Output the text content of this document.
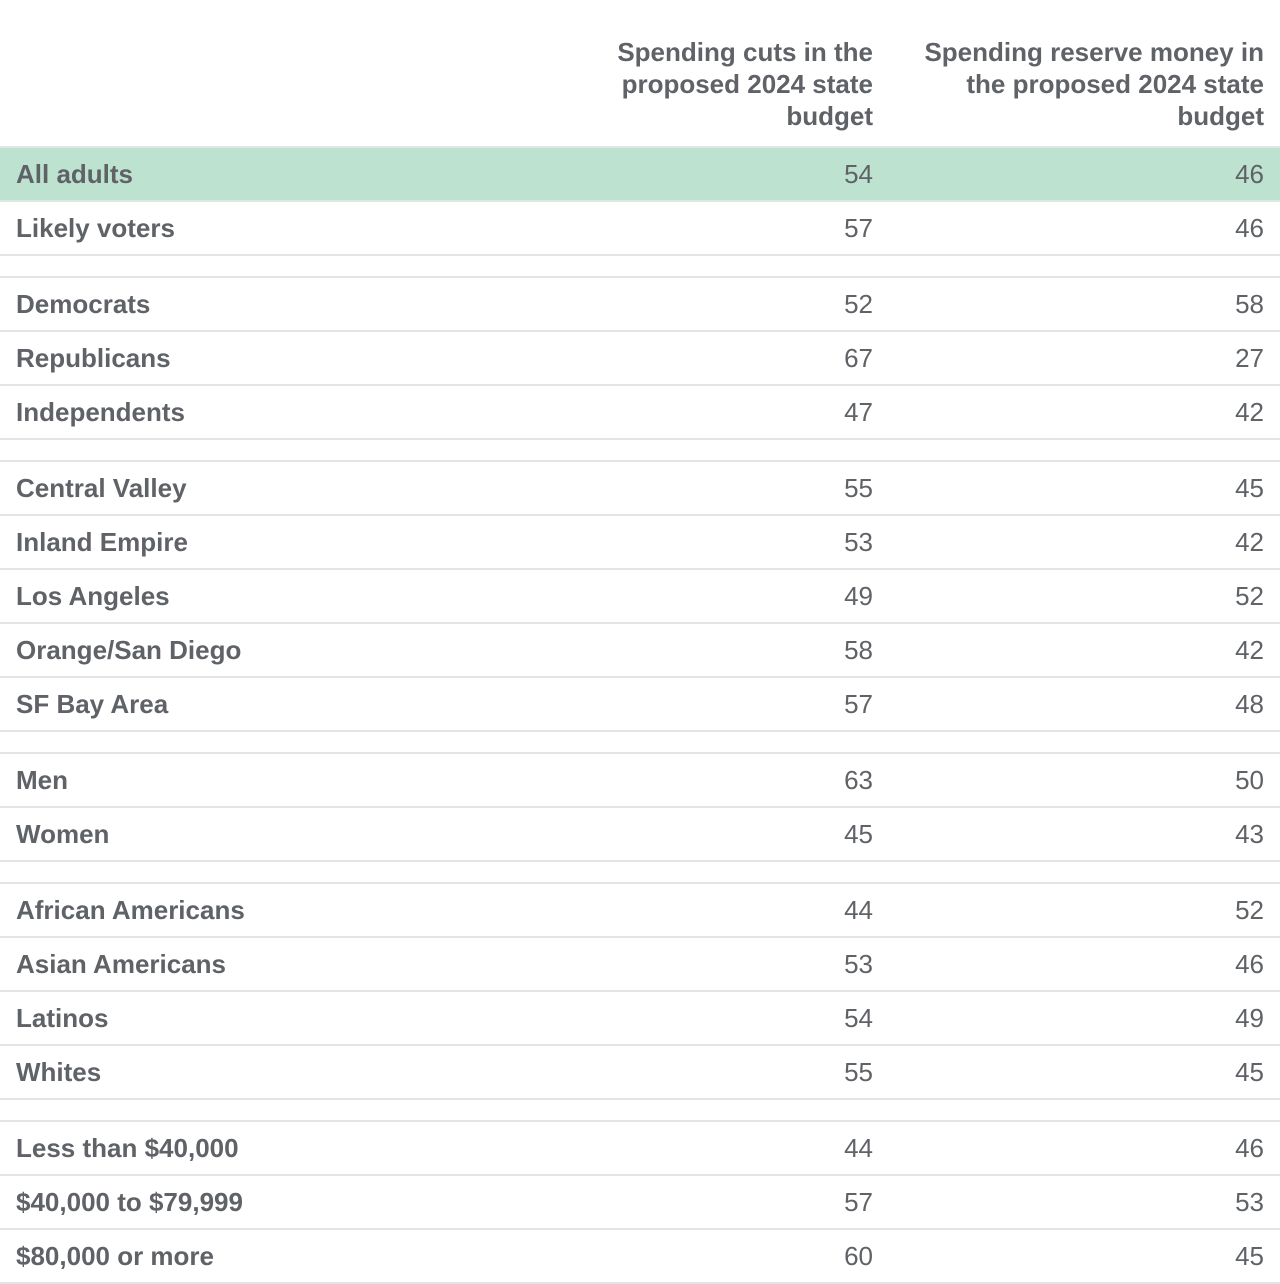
Spending cuts in the proposed 2024 state budget
Spending reserve money in the proposed 2024 state budget
All adults	54	46
Likely voters	57	46
Democrats	52	58
Republicans	67	27
Independents	47	42
Central Valley	55	45
Inland Empire	53	42
Los Angeles	49	52
Orange/San Diego	58	42
SF Bay Area	57	48
Men	63	50
Women	45	43
African Americans	44	52
Asian Americans	53	46
Latinos	54	49
Whites	55	45
Less than $40,000	44	46
$40,000 to $79,999	57	53
$80,000 or more	60	45
